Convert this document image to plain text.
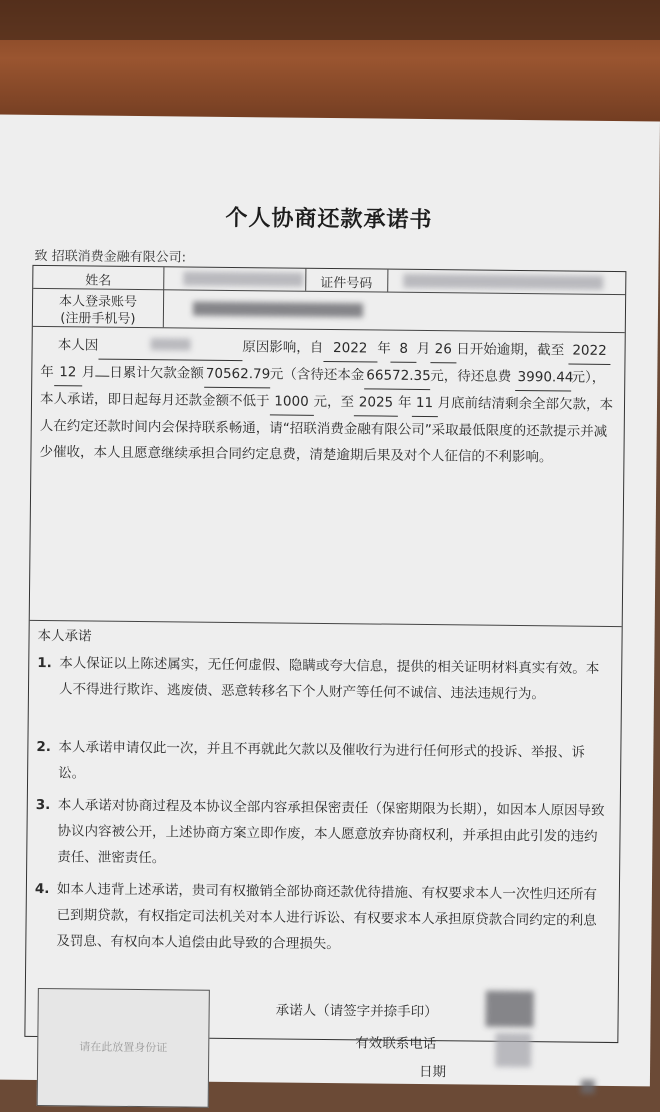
个人协商还款承诺书
致 招联消费金融有限公司:
姓名	证件号码
本人登录账号
(注册手机号)

本人因	原因影响，自 2022 年 8 月 26 日开始逾期，截至 2022年 12 月 日累计欠款金额 70562.79元（含待还本金 66572.35元，待还息费 3990.44元），本人承诺，即日起每月还款金额不低于 1000 元，至 2025 年 11 月底前结清剩余全部欠款，本人在约定还款时间内会保持联系畅通，请“招联消费金融有限公司”采取最低限度的还款提示并减少催收，本人且愿意继续承担合同约定息费，清楚逾期后果及对个人征信的不利影响。

本人承诺
1. 本人保证以上陈述属实，无任何虚假、隐瞒或夸大信息，提供的相关证明材料真实有效。本人不得进行欺诈、逃废债、恶意转移名下个人财产等任何不诚信、违法违规行为。
2. 本人承诺申请仅此一次，并且不再就此欠款以及催收行为进行任何形式的投诉、举报、诉讼。
3. 本人承诺对协商过程及本协议全部内容承担保密责任（保密期限为长期），如因本人原因导致协议内容被公开，上述协商方案立即作废，本人愿意放弃协商权利，并承担由此引发的违约责任、泄密责任。
4. 如本人违背上述承诺，贵司有权撤销全部协商还款优待措施、有权要求本人一次性归还所有已到期贷款，有权指定司法机关对本人进行诉讼、有权要求本人承担原贷款合同约定的利息及罚息、有权向本人追偿由此导致的合理损失。
请在此放置身份证
承诺人（请签字并捺手印）
有效联系电话
日期
